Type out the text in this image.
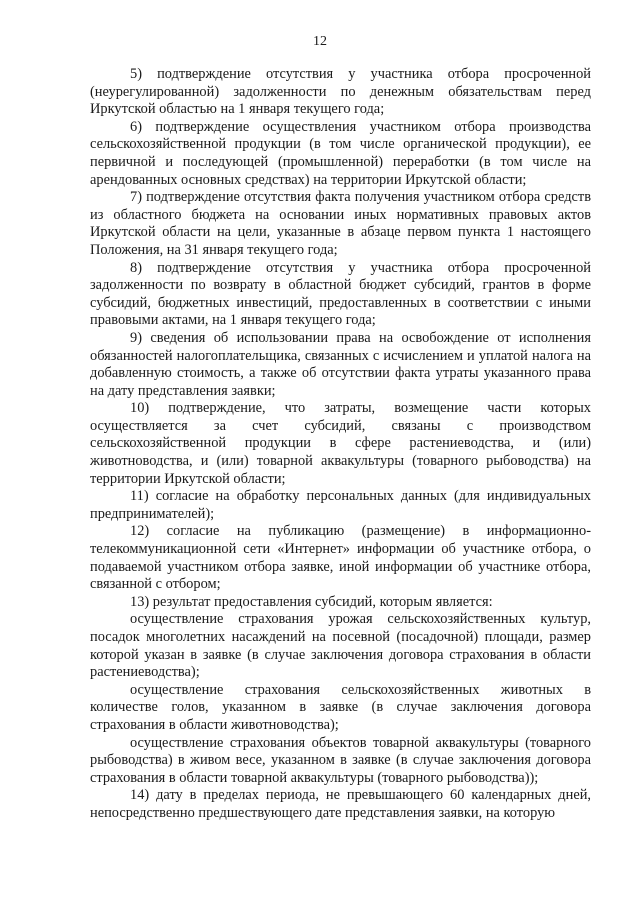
12

5) подтверждение отсутствия у участника отбора просроченной (неурегулированной) задолженности по денежным обязательствам перед Иркутской областью на 1 января текущего года;

6) подтверждение осуществления участником отбора производства сельскохозяйственной продукции (в том числе органической продукции), ее первичной и последующей (промышленной) переработки (в том числе на арендованных основных средствах) на территории Иркутской области;

7) подтверждение отсутствия факта получения участником отбора средств из областного бюджета на основании иных нормативных правовых актов Иркутской области на цели, указанные в абзаце первом пункта 1 настоящего Положения, на 31 января текущего года;

8) подтверждение отсутствия у участника отбора просроченной задолженности по возврату в областной бюджет субсидий, грантов в форме субсидий, бюджетных инвестиций, предоставленных в соответствии с иными правовыми актами, на 1 января текущего года;

9) сведения об использовании права на освобождение от исполнения обязанностей налогоплательщика, связанных с исчислением и уплатой налога на добавленную стоимость, а также об отсутствии факта утраты указанного права на дату представления заявки;

10) подтверждение, что затраты, возмещение части которых осуществляется за счет субсидий, связаны с производством сельскохозяйственной продукции в сфере растениеводства, и (или) животноводства, и (или) товарной аквакультуры (товарного рыбоводства) на территории Иркутской области;

11) согласие на обработку персональных данных (для индивидуальных предпринимателей);

12) согласие на публикацию (размещение) в информационно-телекоммуникационной сети «Интернет» информации об участнике отбора, о подаваемой участником отбора заявке, иной информации об участнике отбора, связанной с отбором;

13) результат предоставления субсидий, которым является:

осуществление страхования урожая сельскохозяйственных культур, посадок многолетних насаждений на посевной (посадочной) площади, размер которой указан в заявке (в случае заключения договора страхования в области растениеводства);

осуществление страхования сельскохозяйственных животных в количестве голов, указанном в заявке (в случае заключения договора страхования в области животноводства);

осуществление страхования объектов товарной аквакультуры (товарного рыбоводства) в живом весе, указанном в заявке (в случае заключения договора страхования в области товарной аквакультуры (товарного рыбоводства));

14) дату в пределах периода, не превышающего 60 календарных дней, непосредственно предшествующего дате представления заявки, на которую
